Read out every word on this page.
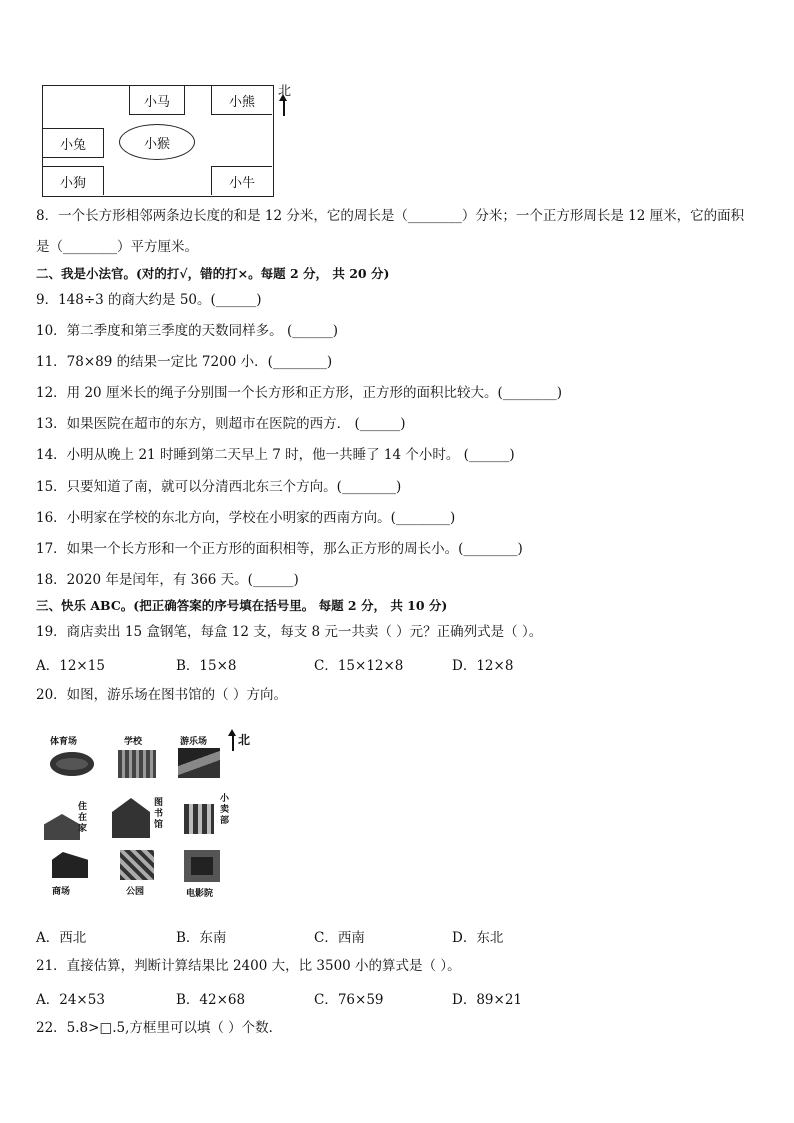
小马	小熊
小兔	小猴
小狗	小牛
北
8．一个长方形相邻两条边长度的和是 12 分米，它的周长是（________）分米；一个正方形周长是 12 厘米，它的面积
是（________）平方厘米。
二、我是小法官。(对的打√，错的打×。每题 2 分， 共 20 分)
9．148÷3 的商大约是 50。(______)
10．第二季度和第三季度的天数同样多。 (______)
11．78×89 的结果一定比 7200 小．(________)
12．用 20 厘米长的绳子分别围一个长方形和正方形，正方形的面积比较大。(________)
13．如果医院在超市的东方，则超市在医院的西方． (______)
14．小明从晚上 21 时睡到第二天早上 7 时，他一共睡了 14 个小时。 (______)
15．只要知道了南，就可以分清西北东三个方向。(________)
16．小明家在学校的东北方向，学校在小明家的西南方向。(________)
17．如果一个长方形和一个正方形的面积相等，那么正方形的周长小。(________)
18．2020 年是闰年，有 366 天。(______)
三、快乐 ABC。(把正确答案的序号填在括号里。 每题 2 分， 共 10 分)
19．商店卖出 15 盒钢笔，每盒 12 支，每支 8 元一共卖（ ）元？正确列式是（ ）。
A．12×15	B．15×8	C．15×12×8	D．12×8
20．如图，游乐场在图书馆的（ ）方向。
体育场	学校	游乐场
住在家
图书馆
小卖部
商场	公园	电影院
北
A．西北	B．东南	C．西南	D．东北
21．直接估算，判断计算结果比 2400 大，比 3500 小的算式是（ ）。
A．24×53	B．42×68	C．76×59	D．89×21
22．5.8>□.5,方框里可以填（ ）个数．
